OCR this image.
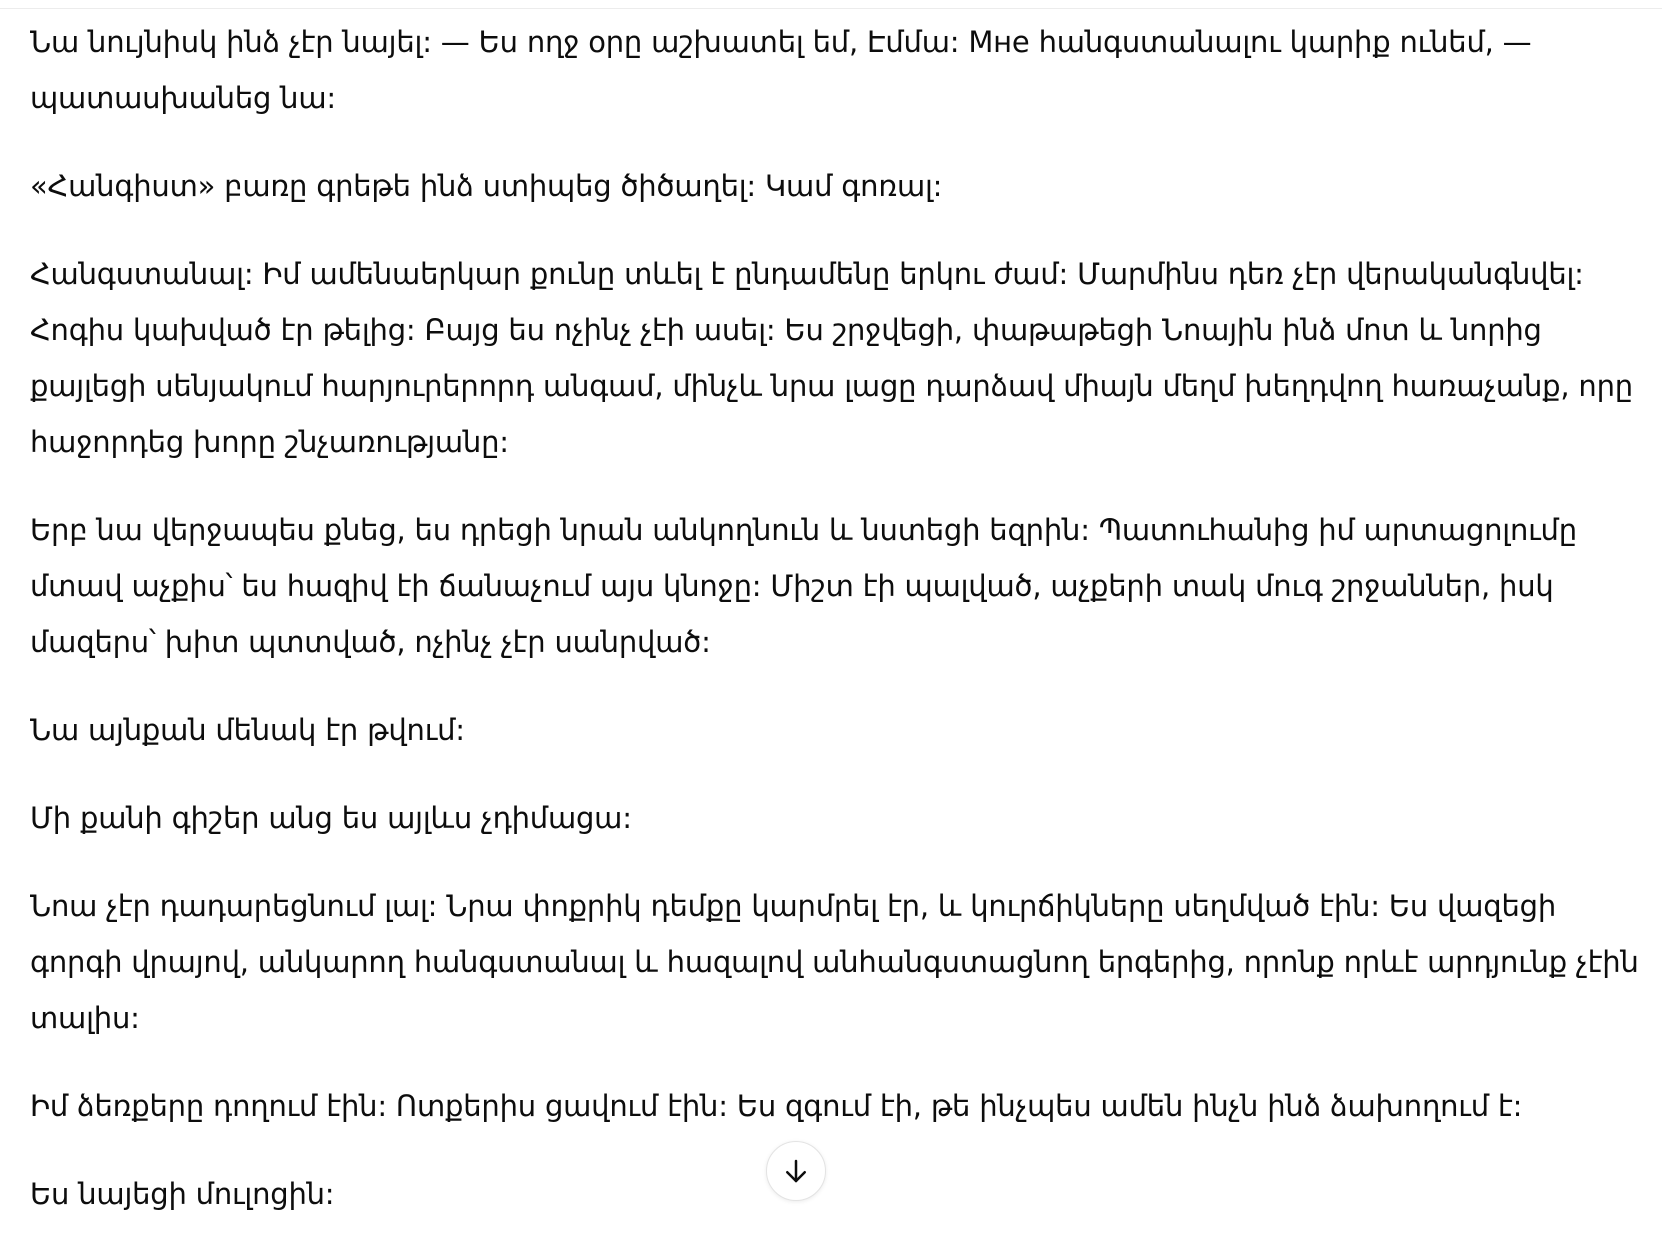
Նա նույնիսկ ինձ չէր նայել: — Ես ողջ օրը աշխատել եմ, Էմմա: Мне հանգստանալու կարիք ունեմ, — պատասխանեց նա:

«Հանգիստ» բառը գրեթե ինձ ստիպեց ծիծաղել: Կամ գոռալ:

Հանգստանալ: Իմ ամենաերկար քունը տևել է ընդամենը երկու ժամ: Մարմինս դեռ չէր վերականգնվել: Հոգիս կախված էր թելից: Բայց ես ոչինչ չէի ասել: Ես շրջվեցի, փաթաթեցի Նոային ինձ մոտ և նորից քայլեցի սենյակում հարյուրերորդ անգամ, մինչև նրա լացը դարձավ միայն մեղմ խեղդվող հառաչանք, որը հաջորդեց խորը շնչառությանը:

Երբ նա վերջապես քնեց, ես դրեցի նրան անկողնուն և նստեցի եզրին: Պատուհանից իմ արտացոլումը մտավ աչքիս՝ ես հազիվ էի ճանաչում այս կնոջը: Միշտ էի պալված, աչքերի տակ մուգ շրջաններ, իսկ մազերս՝ խիտ պտտված, ոչինչ չէր սանրված:

Նա այնքան մենակ էր թվում:

Մի քանի գիշեր անց ես այլևս չդիմացա:

Նոա չէր դադարեցնում լալ: Նրա փոքրիկ դեմքը կարմրել էր, և կուրճիկները սեղմված էին: Ես վազեցի գորգի վրայով, անկարող հանգստանալ և հազալով անհանգստացնող երգերից, որոնք որևէ արդյունք չէին տալիս:

Իմ ձեռքերը դողում էին: Ոտքերիս ցավում էին: Ես զգում էի, թե ինչպես ամեն ինչն ինձ ձախողում է:

Ես նայեցի մուլոցին:
